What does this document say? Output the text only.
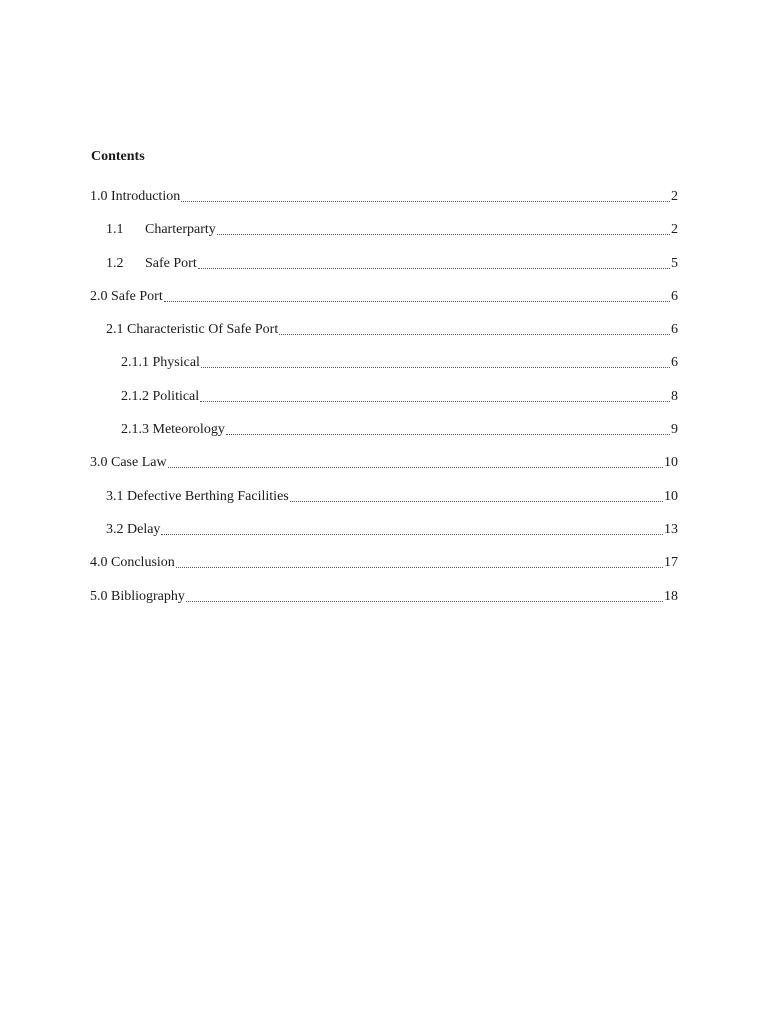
Contents
1.0 Introduction	2
1.1	Charterparty	2
1.2	Safe Port	5
2.0 Safe Port	6
2.1 Characteristic Of Safe Port	6
2.1.1 Physical	6
2.1.2 Political	8
2.1.3 Meteorology	9
3.0 Case Law	10
3.1 Defective Berthing Facilities	10
3.2 Delay	13
4.0 Conclusion	17
5.0 Bibliography	18
